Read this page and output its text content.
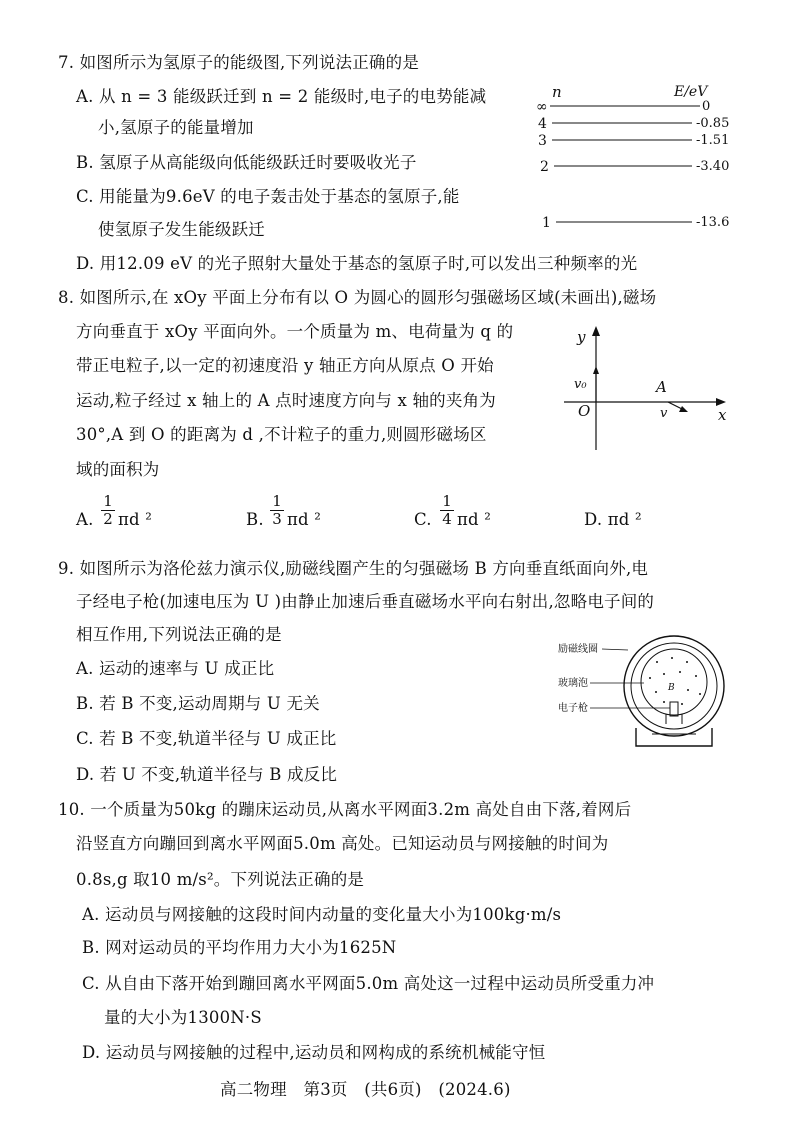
7. 如图所示为氢原子的能级图,下列说法正确的是
A. 从 n = 3 能级跃迁到 n = 2 能级时,电子的电势能减
小,氢原子的能量增加
B. 氢原子从高能级向低能级跃迁时要吸收光子
C. 用能量为9.6eV 的电子轰击处于基态的氢原子,能
使氢原子发生能级跃迁
D. 用12.09 eV 的光子照射大量处于基态的氢原子时,可以发出三种频率的光
n	E/eV
∞	0
4	-0.85
3	-1.51
2	-3.40
1	-13.6
8. 如图所示,在 xOy 平面上分布有以 O 为圆心的圆形匀强磁场区域(未画出),磁场
方向垂直于 xOy 平面向外。一个质量为 m、电荷量为 q 的
带正电粒子,以一定的初速度沿 y 轴正方向从原点 O 开始
运动,粒子经过 x 轴上的 A 点时速度方向与 x 轴的夹角为
30°,A 到 O 的距离为 d ,不计粒子的重力,则圆形磁场区
域的面积为
y
x
O
v₀	A
v
A.
1
2 πd ²	B.
1
3 πd ²	C.
1
4 πd ²	D. πd ²
9. 如图所示为洛伦兹力演示仪,励磁线圈产生的匀强磁场 B 方向垂直纸面向外,电
子经电子枪(加速电压为 U )由静止加速后垂直磁场水平向右射出,忽略电子间的
相互作用,下列说法正确的是
A. 运动的速率与 U 成正比
B. 若 B 不变,运动周期与 U 无关
C. 若 B 不变,轨道半径与 U 成正比
D. 若 U 不变,轨道半径与 B 成反比
B
励磁线圈
玻璃泡
电子枪
10. 一个质量为50kg 的蹦床运动员,从离水平网面3.2m 高处自由下落,着网后
沿竖直方向蹦回到离水平网面5.0m 高处。已知运动员与网接触的时间为
0.8s,g 取10 m/s²。下列说法正确的是
A. 运动员与网接触的这段时间内动量的变化量大小为100kg·m/s
B. 网对运动员的平均作用力大小为1625N
C. 从自由下落开始到蹦回离水平网面5.0m 高处这一过程中运动员所受重力冲
量的大小为1300N·S
D. 运动员与网接触的过程中,运动员和网构成的系统机械能守恒
高二物理　第3页　(共6页)　(2024.6)
